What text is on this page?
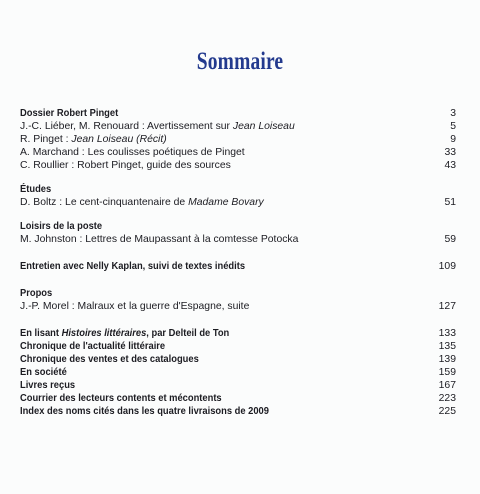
Sommaire
Dossier Robert Pinget	3
J.-C. Liéber, M. Renouard : Avertissement sur Jean Loiseau	5
R. Pinget : Jean Loiseau (Récit)	9
A. Marchand : Les coulisses poétiques de Pinget	33
C. Roullier : Robert Pinget, guide des sources	43
Études
D. Boltz : Le cent-cinquantenaire de Madame Bovary	51
Loisirs de la poste
M. Johnston : Lettres de Maupassant à la comtesse Potocka	59
Entretien avec Nelly Kaplan, suivi de textes inédits	109
Propos
J.-P. Morel : Malraux et la guerre d'Espagne, suite	127
En lisant Histoires littéraires, par Delteil de Ton	133
Chronique de l'actualité littéraire	135
Chronique des ventes et des catalogues	139
En société	159
Livres reçus	167
Courrier des lecteurs contents et mécontents	223
Index des noms cités dans les quatre livraisons de 2009	225
